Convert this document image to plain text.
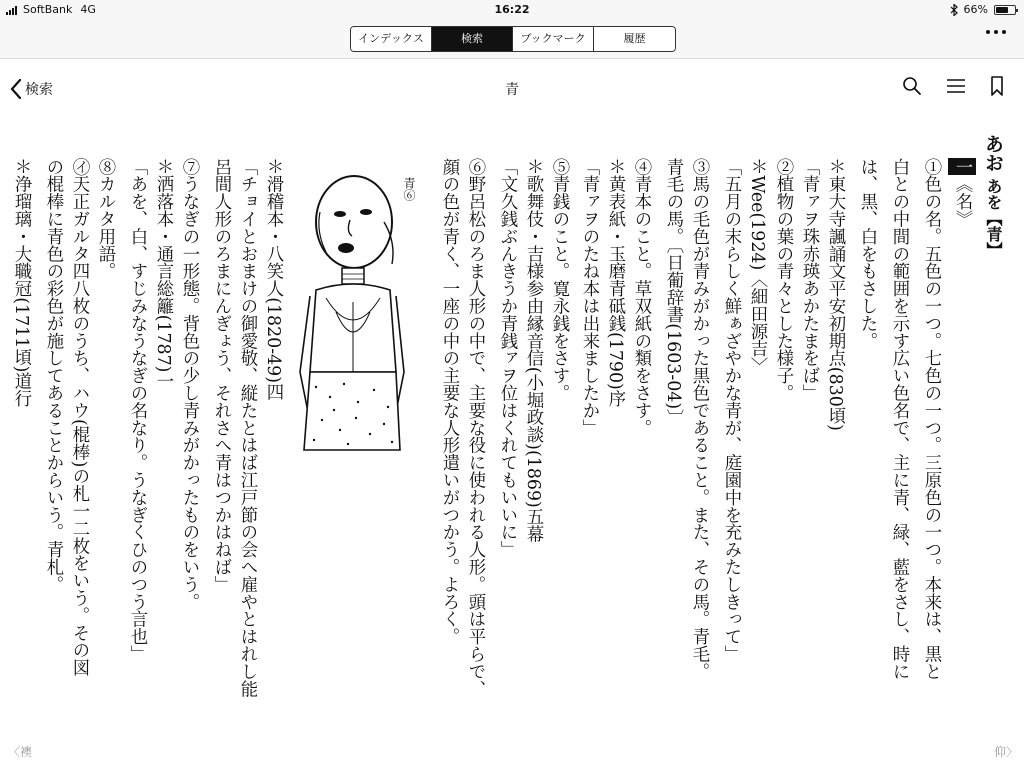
SoftBank 4G	16:22	66%
インデックス	検索	ブックマーク	履歴
検索	青
あおあを【青】
一《名》
①色の名。五色の一つ。七色の一つ。三原色の一つ。本来は、黒と
白との中間の範囲を示す広い色名で、主に青、緑、藍をさし、時に
は、黒、白をもさした。
＊東大寺諷誦文平安初期点(830頃)
「青ァヲ珠赤瑛あかたまをば」
②植物の葉の青々とした様子。
＊Wee(1924)〈細田源吉〉
「五月の末らしく鮮ぁざやかな青が、庭園中を充みたしきって」
③馬の毛色が青みがかった黒色であること。また、その馬。青毛。
青毛の馬。〔日葡辞書(1603-04)〕
④青本のこと。草双紙の類をさす。
＊黄表紙・玉磨青砥銭(1790)序
「青ァヲのたね本は出来ましたか」
⑤青銭のこと。寛永銭をさす。
＊歌舞伎・吉様参由縁音信(小堀政談)(1869)五幕
「文久銭ぶんきうか青銭ァヲ位はくれてもいいに」
⑥野呂松のろま人形の中で、主要な役に使われる人形。頭は平らで、
顔の色が青く、一座の中の主要な人形遣いがつかう。よろく。
＊滑稽本・八笑人(1820-49)四
「チョイとおまけの御愛敬、縦たとはば江戸節の会へ雇やとはれし能
呂間人形のろまにんぎょう、それさへ青はつかはねば」
⑦うなぎの一形態。背色の少し青みがかったものをいう。
＊洒落本・通言総籬(1787)一
「あを、白、すじみなうなぎの名なり。うなぎくひのつう言也」
⑧カルタ用語。
㋑天正ガルタ四八枚のうち、ハウ(棍棒)の札一二枚をいう。その図
の棍棒に青色の彩色が施してあることからいう。青札。
＊浄瑠璃・大職冠(1711頃)道行	青⑥
〈襖	仰〉
